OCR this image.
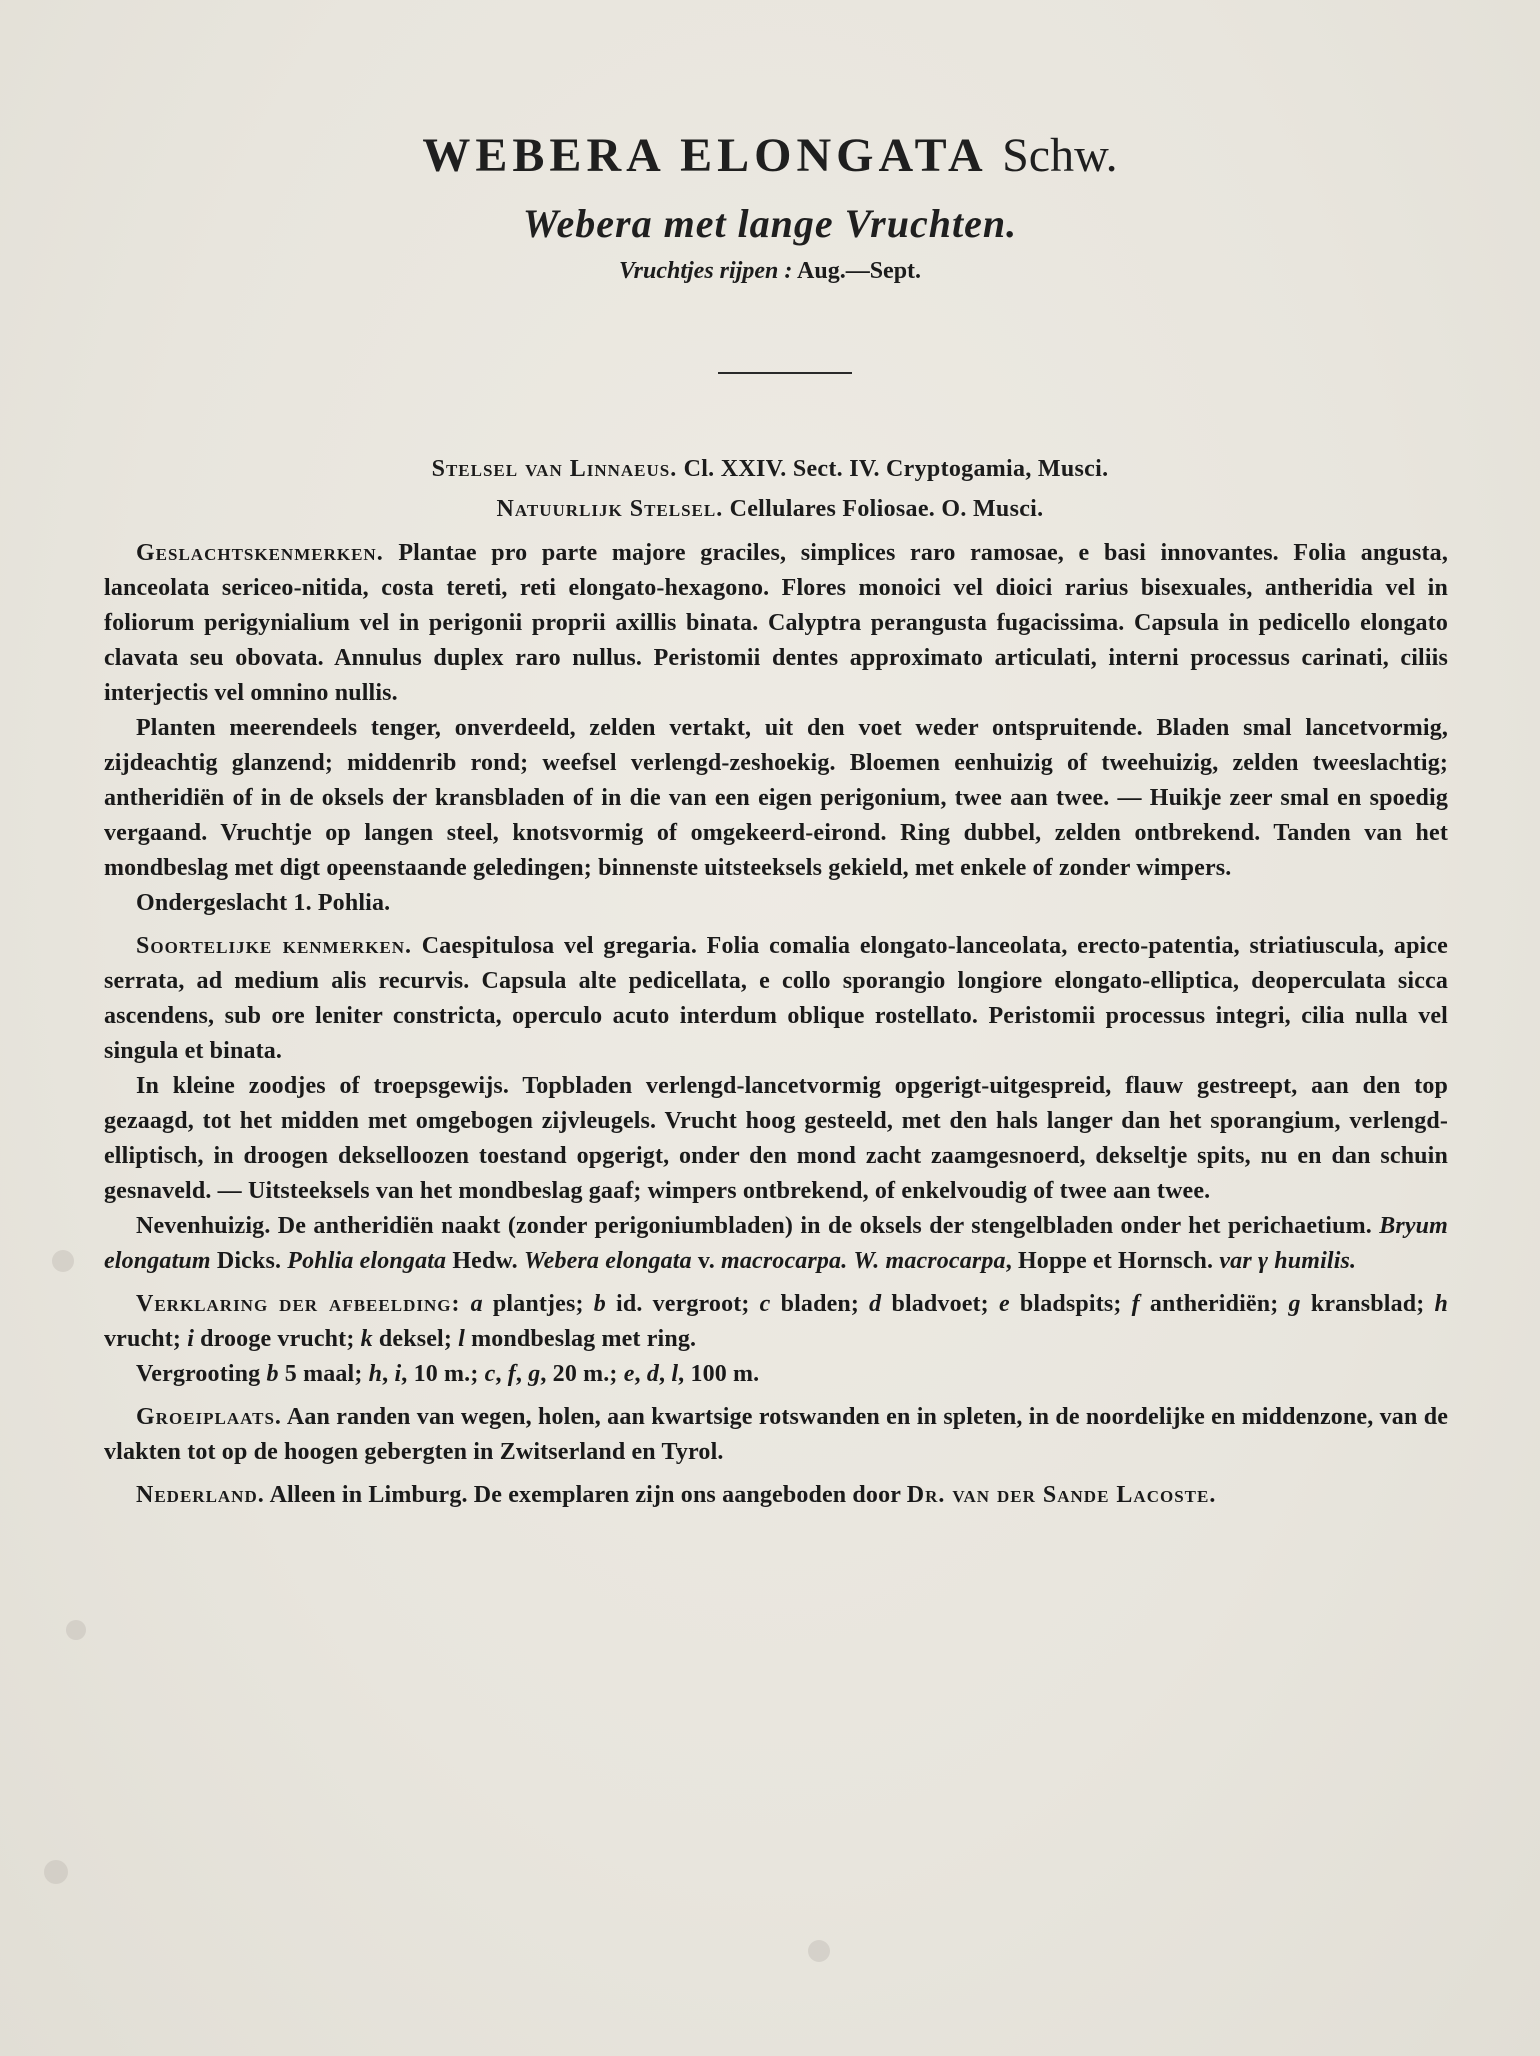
WEBERA ELONGATA Schw.
Webera met lange Vruchten.
Vruchtjes rijpen : Aug.—Sept.
Stelsel van Linnaeus. Cl. XXIV. Sect. IV. Cryptogamia, Musci.
Natuurlijk Stelsel. Cellulares Foliosae. O. Musci.

Geslachtskenmerken. Plantae pro parte majore graciles, simplices raro ramosae, e basi innovantes. Folia angusta, lanceolata sericeo-nitida, costa tereti, reti elongato-hexagono. Flores monoici vel dioici rarius bisexuales, antheridia vel in foliorum perigynialium vel in perigonii proprii axillis binata. Calyptra perangusta fugacissima. Capsula in pedicello elongato clavata seu obovata. Annulus duplex raro nullus. Peristomii dentes approximato articulati, interni processus carinati, ciliis interjectis vel omnino nullis.

Planten meerendeels tenger, onverdeeld, zelden vertakt, uit den voet weder ontspruitende. Bladen smal lancetvormig, zijdeachtig glanzend; middenrib rond; weefsel verlengd-zeshoekig. Bloemen eenhuizig of tweehuizig, zelden tweeslachtig; antheridiën of in de oksels der kransbladen of in die van een eigen perigonium, twee aan twee. — Huikje zeer smal en spoedig vergaand. Vruchtje op langen steel, knotsvormig of omgekeerd-eirond. Ring dubbel, zelden ontbrekend. Tanden van het mondbeslag met digt opeenstaande geledingen; binnenste uitsteeksels gekield, met enkele of zonder wimpers.

Ondergeslacht 1. Pohlia.

Soortelijke kenmerken. Caespitulosa vel gregaria. Folia comalia elongato-lanceolata, erecto-patentia, striatiuscula, apice serrata, ad medium alis recurvis. Capsula alte pedicellata, e collo sporangio longiore elongato-elliptica, deoperculata sicca ascendens, sub ore leniter constricta, operculo acuto interdum oblique rostellato. Peristomii processus integri, cilia nulla vel singula et binata.

In kleine zoodjes of troepsgewijs. Topbladen verlengd-lancetvormig opgerigt-uitgespreid, flauw gestreept, aan den top gezaagd, tot het midden met omgebogen zijvleugels. Vrucht hoog gesteeld, met den hals langer dan het sporangium, verlengd-elliptisch, in droogen dekselloozen toestand opgerigt, onder den mond zacht zaamgesnoerd, dekseltje spits, nu en dan schuin gesnaveld. — Uitsteeksels van het mondbeslag gaaf; wimpers ontbrekend, of enkelvoudig of twee aan twee.

Nevenhuizig. De antheridiën naakt (zonder perigoniumbladen) in de oksels der stengelbladen onder het perichaetium. Bryum elongatum Dicks. Pohlia elongata Hedw. Webera elongata v. macrocarpa. W. macrocarpa, Hoppe et Hornsch. var γ humilis.

Verklaring der afbeelding: a plantjes; b id. vergroot; c bladen; d bladvoet; e bladspits; f antheridiën; g kransblad; h vrucht; i drooge vrucht; k deksel; l mondbeslag met ring.

Vergrooting b 5 maal; h, i, 10 m.; c, f, g, 20 m.; e, d, l, 100 m.

Groeiplaats. Aan randen van wegen, holen, aan kwartsige rotswanden en in spleten, in de noordelijke en middenzone, van de vlakten tot op de hoogen gebergten in Zwitserland en Tyrol.

Nederland. Alleen in Limburg. De exemplaren zijn ons aangeboden door Dr. van der Sande Lacoste.
